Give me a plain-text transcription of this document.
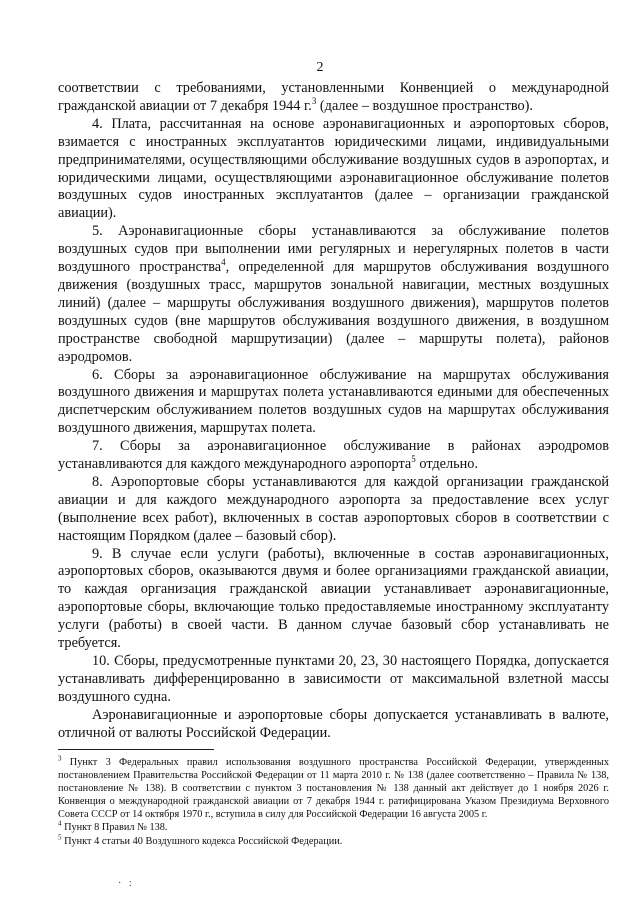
2

соответствии с требованиями, установленными Конвенцией о международной гражданской авиации от 7 декабря 1944 г.$^3$ (далее – воздушное пространство).

4. Плата, рассчитанная на основе аэронавигационных и аэропортовых сборов, взимается с иностранных эксплуатантов юридическими лицами, индивидуальными предпринимателями, осуществляющими обслуживание воздушных судов в аэропортах, и юридическими лицами, осуществляющими аэронавигационное обслуживание полетов воздушных судов иностранных эксплуатантов (далее – организации гражданской авиации).

5. Аэронавигационные сборы устанавливаются за обслуживание полетов воздушных судов при выполнении ими регулярных и нерегулярных полетов в части воздушного пространства$^4$, определенной для маршрутов обслуживания воздушного движения (воздушных трасс, маршрутов зональной навигации, местных воздушных линий) (далее – маршруты обслуживания воздушного движения), маршрутов полетов воздушных судов (вне маршрутов обслуживания воздушного движения, в воздушном пространстве свободной маршрутизации) (далее – маршруты полета), районов аэродромов.

6. Сборы за аэронавигационное обслуживание на маршрутах обслуживания воздушного движения и маршрутах полета устанавливаются едиными для обеспеченных диспетчерским обслуживанием полетов воздушных судов на маршрутах обслуживания воздушного движения, маршрутах полета.

7. Сборы за аэронавигационное обслуживание в районах аэродромов устанавливаются для каждого международного аэропорта$^5$ отдельно.

8. Аэропортовые сборы устанавливаются для каждой организации гражданской авиации и для каждого международного аэропорта за предоставление всех услуг (выполнение всех работ), включенных в состав аэропортовых сборов в соответствии с настоящим Порядком (далее – базовый сбор).

9. В случае если услуги (работы), включенные в состав аэронавигационных, аэропортовых сборов, оказываются двумя и более организациями гражданской авиации, то каждая организация гражданской авиации устанавливает аэронавигационные, аэропортовые сборы, включающие только предоставляемые иностранному эксплуатанту услуги (работы) в своей части. В данном случае базовый сбор устанавливать не требуется.

10. Сборы, предусмотренные пунктами 20, 23, 30 настоящего Порядка, допускается устанавливать дифференцированно в зависимости от максимальной взлетной массы воздушного судна.

Аэронавигационные и аэропортовые сборы допускается устанавливать в валюте, отличной от валюты Российской Федерации.

$^3$ Пункт 3 Федеральных правил использования воздушного пространства Российской Федерации, утвержденных постановлением Правительства Российской Федерации от 11 марта 2010 г. № 138 (далее соответственно – Правила № 138, постановление № 138). В соответствии с пунктом 3 постановления № 138 данный акт действует до 1 ноября 2026 г. Конвенция о международной гражданской авиации от 7 декабря 1944 г. ратифицирована Указом Президиума Верховного Совета СССР от 14 октября 1970 г., вступила в силу для Российской Федерации 16 августа 2005 г.

$^4$ Пункт 8 Правил № 138.

$^5$ Пункт 4 статьи 40 Воздушного кодекса Российской Федерации.

·   :
